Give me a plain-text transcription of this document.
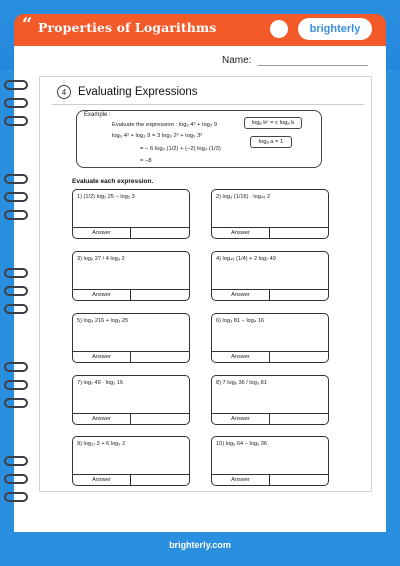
“ Properties of Logarithms	brighterly
Name:
4	Evaluating Expressions
Example :
Evaluate the expression : log₃ 4³ + log₃ 9
log₃ 4³ + log₃ 9 = 3 log₃ 2² + log₃ 3²
= − 6 log₃ (1/2) + (−2) log₃ (1/3)
= −8
logₐ bᶜ = c logₐ b
logₐ a = 1
Evaluate each expression.
1) (1/2) log₂ 25 − log₅ 3
Answer
2) log₃ (1/16) · log₄₅ 2
Answer
3) log₆ 27 / 4 log₃ 2
Answer
4) log₄₅ (1/4) + 2 log₇ 49
Answer
5) log₃ 216 + log₃ 25
Answer
6) log₃ 81 − log₄ 16
Answer
7) log₇ 49 · log₂ 16
Answer
8) 7 log₆ 36 / log₃ 81
Answer
9) log₂₇ 3 + 6 log₃ 2
Answer
10) log₆ 64 − log₆ 36
Answer
brighterly.com
